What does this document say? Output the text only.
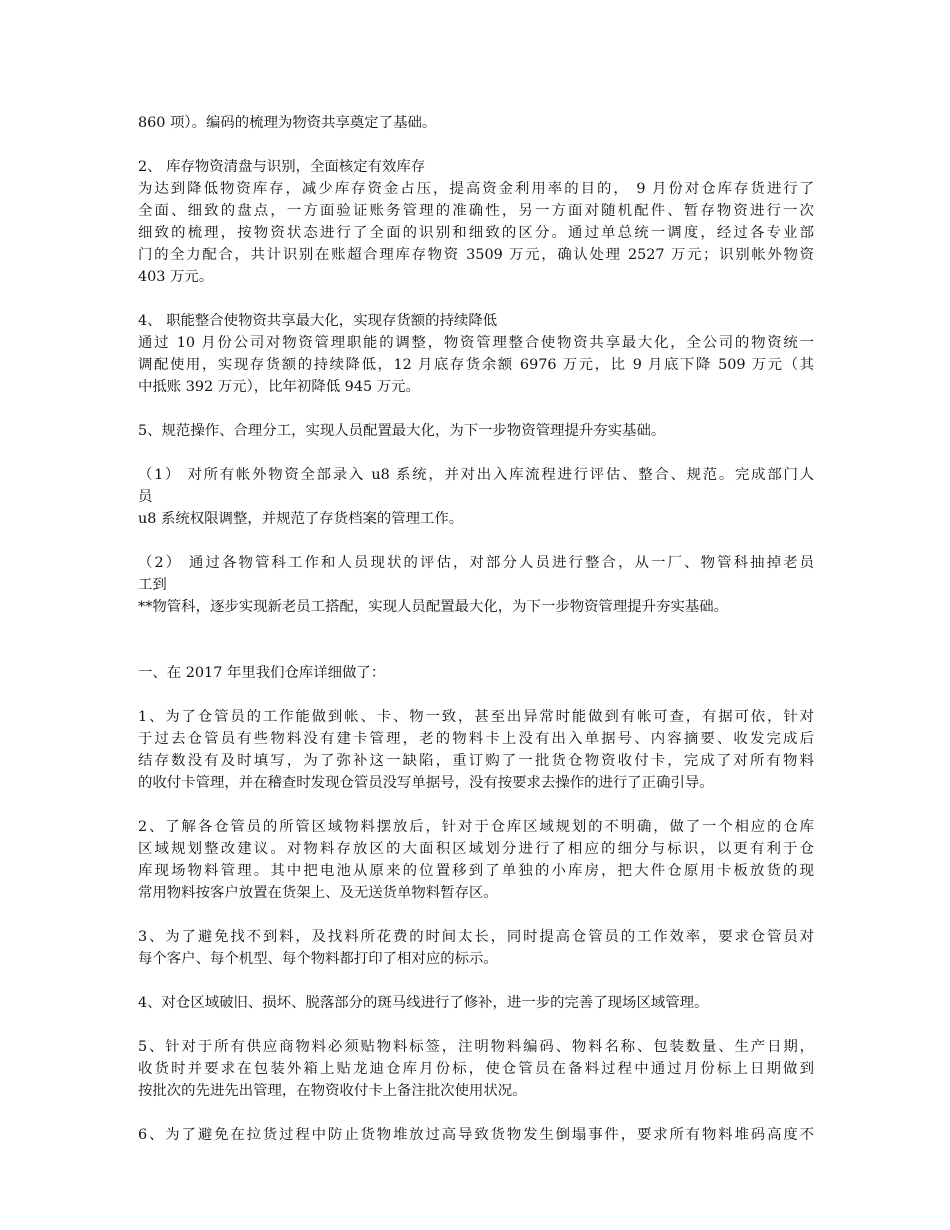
860 项）。编码的梳理为物资共享奠定了基础。

2、 库存物资清盘与识别，全面核定有效库存
为达到降低物资库存，减少库存资金占压，提高资金利用率的目的， 9 月份对仓库存货进行了
全面、细致的盘点，一方面验证账务管理的准确性，另一方面对随机配件、暂存物资进行一次
细致的梳理，按物资状态进行了全面的识别和细致的区分。通过单总统一调度，经过各专业部
门的全力配合，共计识别在账超合理库存物资 3509 万元，确认处理 2527 万元；识别帐外物资
403 万元。

4、 职能整合使物资共享最大化，实现存货额的持续降低
通过 10 月份公司对物资管理职能的调整，物资管理整合使物资共享最大化，全公司的物资统一
调配使用，实现存货额的持续降低，12 月底存货余额 6976 万元，比 9 月底下降 509 万元（其
中抵账 392 万元），比年初降低 945 万元。

5、规范操作、合理分工，实现人员配置最大化，为下一步物资管理提升夯实基础。

（1） 对所有帐外物资全部录入 u8 系统，并对出入库流程进行评估、整合、规范。完成部门人
员
u8 系统权限调整，并规范了存货档案的管理工作。

（2） 通过各物管科工作和人员现状的评估，对部分人员进行整合，从一厂、物管科抽掉老员
工到
**物管科，逐步实现新老员工搭配，实现人员配置最大化，为下一步物资管理提升夯实基础。

一、在 2017 年里我们仓库详细做了：

1、为了仓管员的工作能做到帐、卡、物一致，甚至出异常时能做到有帐可查，有据可依，针对
于过去仓管员有些物料没有建卡管理，老的物料卡上没有出入单据号、内容摘要、收发完成后
结存数没有及时填写，为了弥补这一缺陷，重订购了一批货仓物资收付卡，完成了对所有物料
的收付卡管理，并在稽查时发现仓管员没写单据号，没有按要求去操作的进行了正确引导。

2、了解各仓管员的所管区域物料摆放后，针对于仓库区域规划的不明确，做了一个相应的仓库
区域规划整改建议。对物料存放区的大面积区域划分进行了相应的细分与标识，以更有利于仓
库现场物料管理。其中把电池从原来的位置移到了单独的小库房，把大件仓原用卡板放货的现
常用物料按客户放置在货架上、及无送货单物料暂存区。

3、为了避免找不到料，及找料所花费的时间太长，同时提高仓管员的工作效率，要求仓管员对
每个客户、每个机型、每个物料都打印了相对应的标示。

4、对仓区域破旧、损坏、脱落部分的斑马线进行了修补，进一步的完善了现场区域管理。

5、针对于所有供应商物料必须贴物料标签，注明物料编码、物料名称、包装数量、生产日期，
收货时并要求在包装外箱上贴龙迪仓库月份标，使仓管员在备料过程中通过月份标上日期做到
按批次的先进先出管理，在物资收付卡上备注批次使用状况。

6、为了避免在拉货过程中防止货物堆放过高导致货物发生倒塌事件，要求所有物料堆码高度不
